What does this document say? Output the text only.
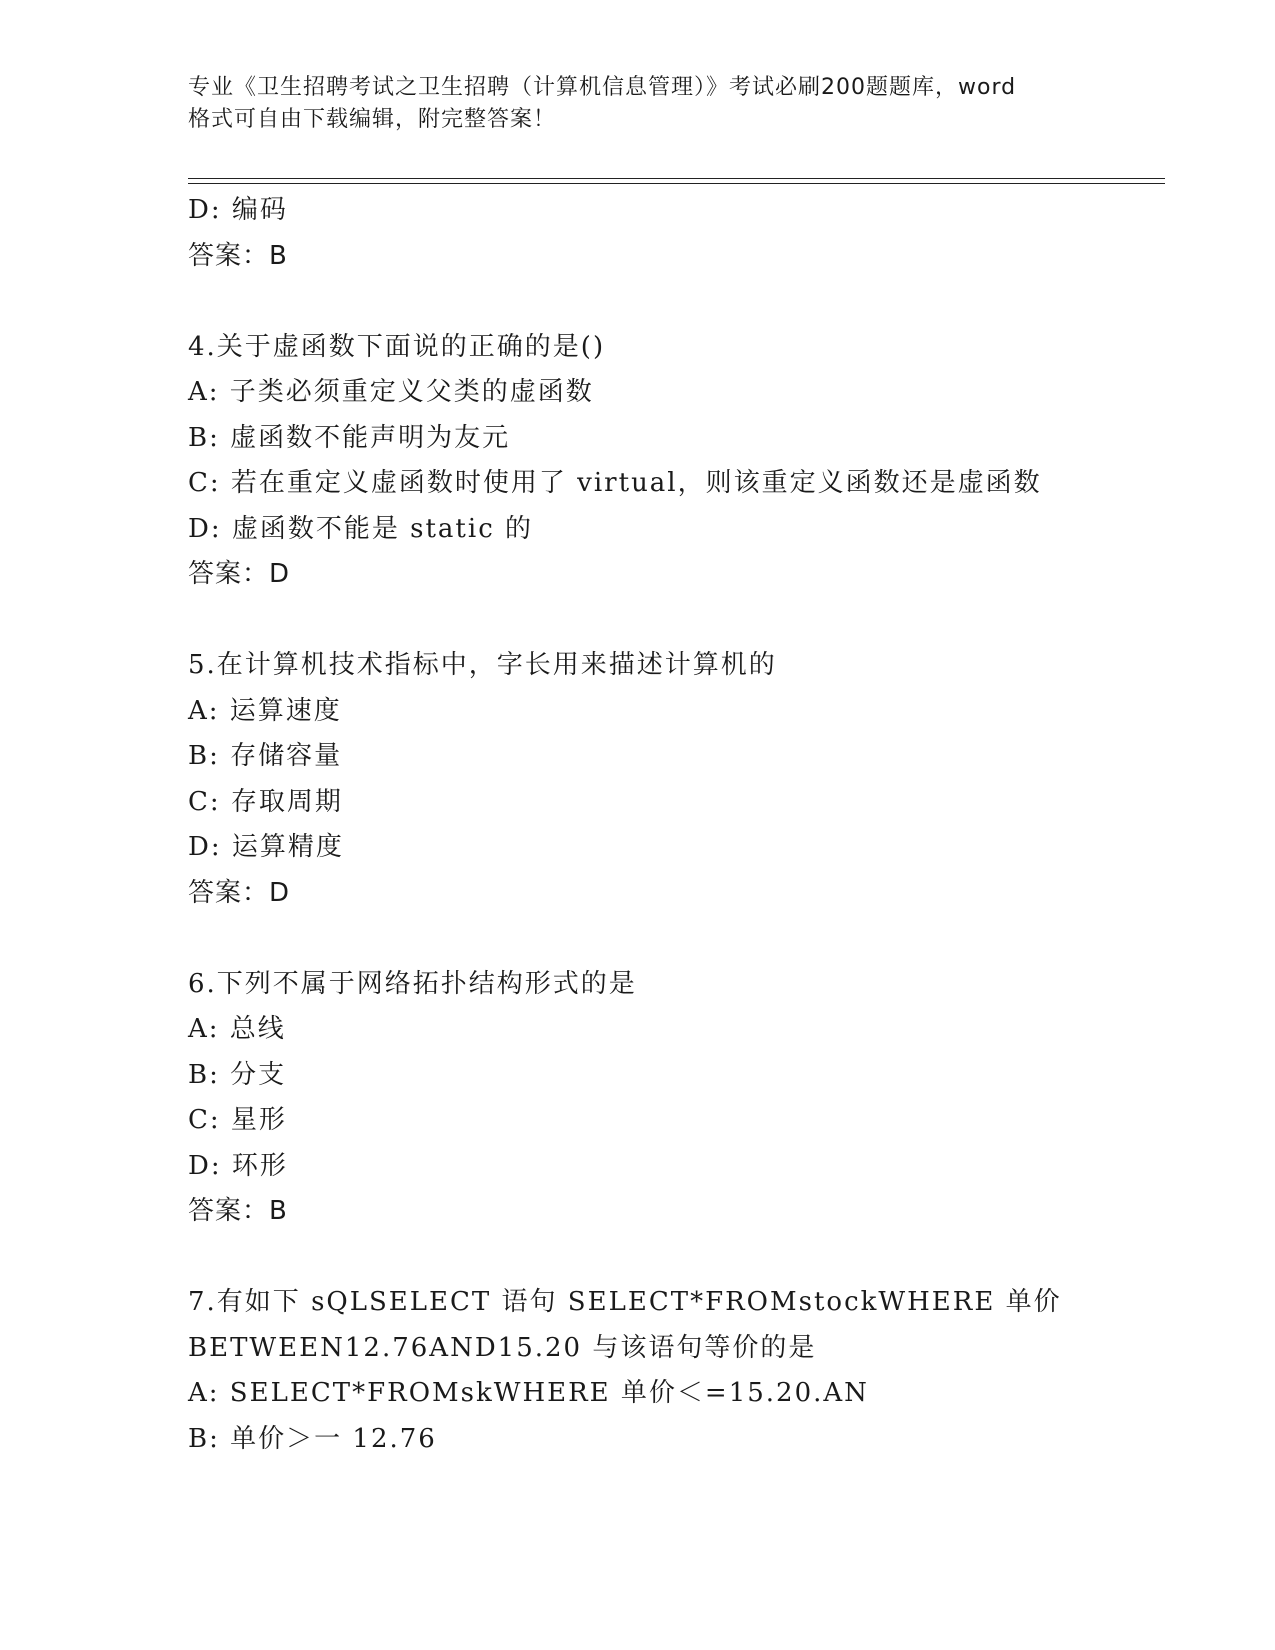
专业《卫生招聘考试之卫生招聘（计算机信息管理）》考试必刷200题题库，word
格式可自由下载编辑，附完整答案！
D: 编码
答案：B
4.关于虚函数下面说的正确的是()
A: 子类必须重定义父类的虚函数
B: 虚函数不能声明为友元
C: 若在重定义虚函数时使用了 virtual，则该重定义函数还是虚函数
D: 虚函数不能是 static 的
答案：D
5.在计算机技术指标中，字长用来描述计算机的
A: 运算速度
B: 存储容量
C: 存取周期
D: 运算精度
答案：D
6.下列不属于网络拓扑结构形式的是
A: 总线
B: 分支
C: 星形
D: 环形
答案：B
7.有如下 sQLSELECT 语句 SELECT*FROMstockWHERE 单价
BETWEEN12.76AND15.20 与该语句等价的是
A: SELECT*FROMskWHERE 单价＜=15.20.AN
B: 单价＞一 12.76
